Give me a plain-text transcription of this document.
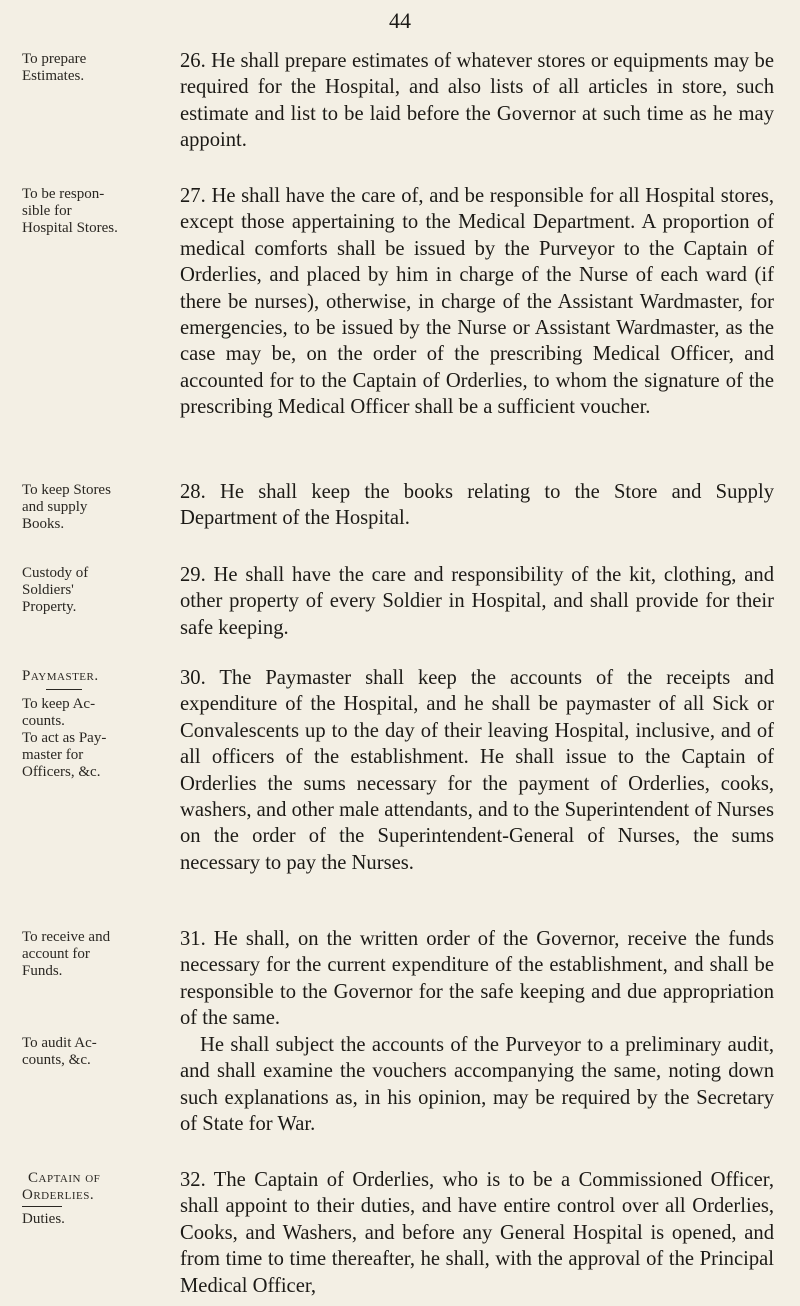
44
To prepare
Estimates.
26. He shall prepare estimates of whatever stores or equipments may be required for the Hospital, and also lists of all articles in store, such estimate and list to be laid before the Governor at such time as he may appoint.
To be respon-
sible for
Hospital Stores.
27. He shall have the care of, and be responsible for all Hospital stores, except those appertaining to the Medical Department. A proportion of medical comforts shall be issued by the Purveyor to the Captain of Orderlies, and placed by him in charge of the Nurse of each ward (if there be nurses), otherwise, in charge of the Assistant Wardmaster, for emergencies, to be issued by the Nurse or Assistant Wardmaster, as the case may be, on the order of the prescribing Medical Officer, and accounted for to the Captain of Orderlies, to whom the signature of the prescribing Medical Officer shall be a sufficient voucher.
To keep Stores
and supply
Books.
28. He shall keep the books relating to the Store and Supply Department of the Hospital.
Custody of
Soldiers'
Property.
29. He shall have the care and responsibility of the kit, clothing, and other property of every Soldier in Hospital, and shall provide for their safe keeping.
Paymaster.
To keep Ac-
counts.
To act as Pay-
master for
Officers, &c.
30. The Paymaster shall keep the accounts of the receipts and expenditure of the Hospital, and he shall be paymaster of all Sick or Convalescents up to the day of their leaving Hospital, inclusive, and of all officers of the establishment. He shall issue to the Captain of Orderlies the sums necessary for the payment of Orderlies, cooks, washers, and other male attendants, and to the Superintendent of Nurses on the order of the Superintendent-General of Nurses, the sums necessary to pay the Nurses.
To receive and
account for
Funds.
31. He shall, on the written order of the Governor, receive the funds necessary for the current expenditure of the establishment, and shall be responsible to the Governor for the safe keeping and due appropriation of the same.
To audit Ac-
counts, &c.
He shall subject the accounts of the Purveyor to a preliminary audit, and shall examine the vouchers accompanying the same, noting down such explanations as, in his opinion, may be required by the Secretary of State for War.
Captain of
Orderlies.
Duties.
32. The Captain of Orderlies, who is to be a Commissioned Officer, shall appoint to their duties, and have entire control over all Orderlies, Cooks, and Washers, and before any General Hospital is opened, and from time to time thereafter, he shall, with the approval of the Principal Medical Officer,
